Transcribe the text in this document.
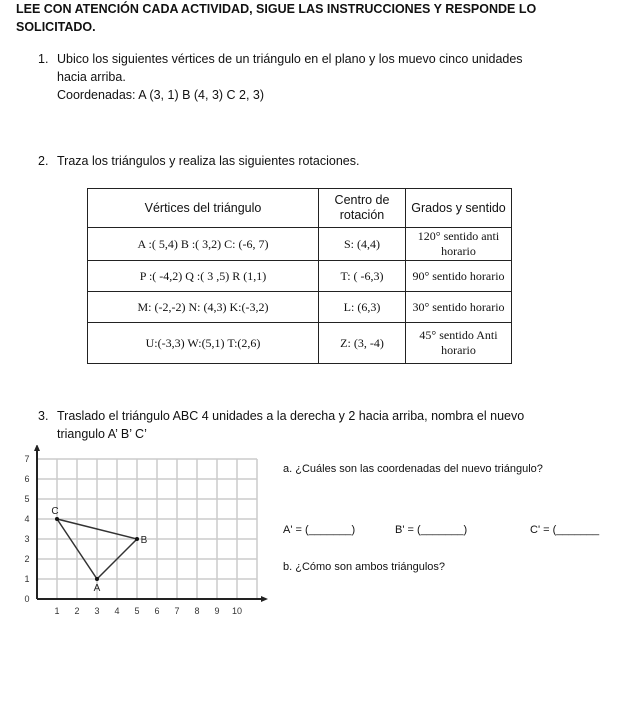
LEE CON ATENCIÓN CADA ACTIVIDAD, SIGUE LAS INSTRUCCIONES Y RESPONDE LO
SOLICITADO.
1. Ubico los siguientes vértices de un triángulo en el plano y los muevo cinco unidades
hacia arriba.
Coordenadas: A (3, 1) B (4, 3) C 2, 3)
2. Traza los triángulos y realiza las siguientes rotaciones.
Vértices del triángulo	Centro de rotación	Grados y sentido
A :( 5,4) B :( 3,2) C: (-6, 7)	S: (4,4)	120° sentido anti horario
P :( -4,2) Q :( 3 ,5) R (1,1)	T: ( -6,3)	90° sentido horario
M: (-2,-2) N: (4,3) K:(-3,2)	L: (6,3)	30° sentido horario
U:(-3,3) W:(5,1) T:(2,6)	Z: (3, -4)	45° sentido Anti horario
3. Traslado el triángulo ABC 4 unidades a la derecha y 2 hacia arriba, nombra el nuevo
triangulo A’ B’ C’
1 2 3 4 5 6 7 8 9 10
0
1
2
3
4
5
6
7
A
B
C
a. ¿Cuáles son las coordenadas del nuevo triángulo?
A' = (_______)	B' = (_______)	C' = (_______
b. ¿Cómo son ambos triángulos?
